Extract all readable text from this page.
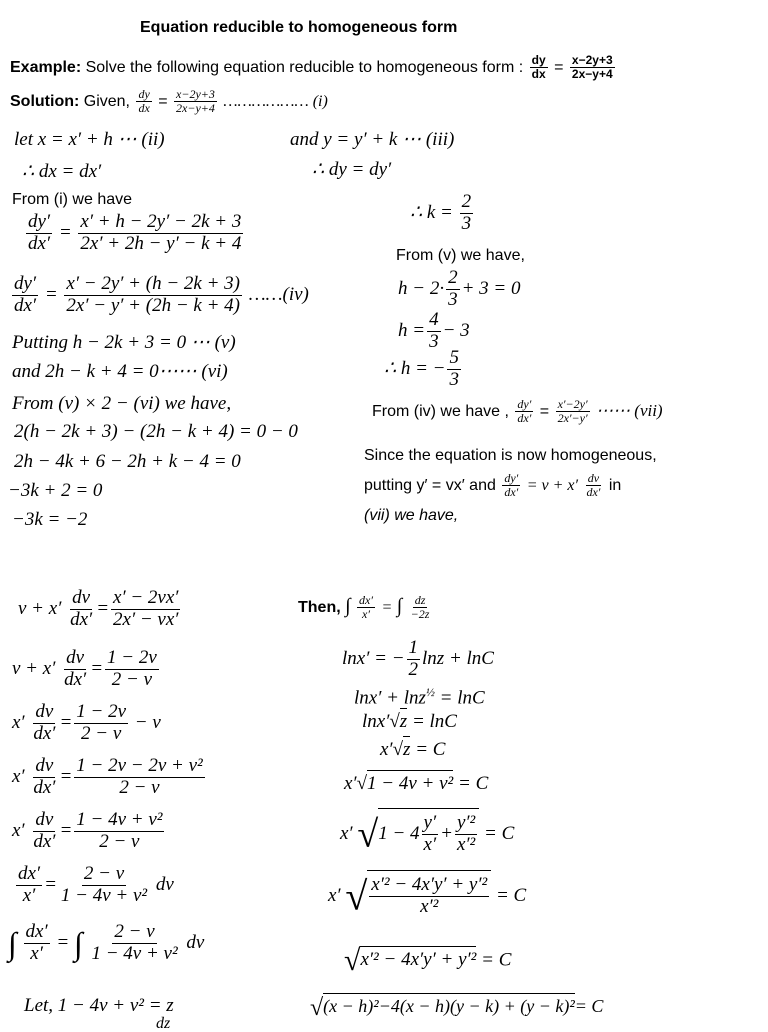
Equation reducible to homogeneous form
Example: Solve the following equation reducible to homogeneous form : $\frac{dy}{dx} = \frac{x-2y+3}{2x-y+4}$
Solution: Given, $\frac{dy}{dx} = \frac{x-2y+3}{2x-y+4}$ ……………… (i)
let x = x′ + h ⋯ (ii)	and y = y′ + k ⋯ (iii)
∴ dx = dx′	∴ dy = dy′
From (i) we have
$\frac{dy'}{dx'} = \frac{x' + h - 2y' - 2k + 3}{2x' + 2h - y' - k + 4}$
$\frac{dy'}{dx'} = \frac{x' - 2y' + (h - 2k + 3)}{2x' - y' + (2h - k + 4)}$ ……(iv)
Putting h − 2k + 3 = 0 ⋯ (v)
and 2h − k + 4 = 0⋯⋯ (vi)
From (v) × 2 − (vi) we have,
2(h − 2k + 3) − (2h − k + 4) = 0 − 0
2h − 4k + 6 − 2h + k − 4 = 0
−3k + 2 = 0
−3k = −2
∴ $k = \frac{2}{3}$
From (v) we have,
$h - 2\cdot \frac{2}{3} + 3 = 0$
$h = \frac{4}{3} - 3$
∴ h = − $\frac{5}{3}$
From (iv) we have , $\frac{dy'}{dx'} = \frac{x'-2y'}{2x'-y'}$ ⋯⋯ (vii)
Since the equation is now homogeneous,
putting y′ = vx′ and $\frac{dy'}{dx'} = v + x' \frac{dv}{dx'}$ in
(vii) we have,
$v + x' \frac{dv}{dx'} = \frac{x' - 2vx'}{2x' - vx'}$
$v + x' \frac{dv}{dx'} = \frac{1 - 2v}{2 - v}$
$x' \frac{dv}{dx'} = \frac{1 - 2v}{2 - v} - v$
$x' \frac{dv}{dx'} = \frac{\text{1 − 2v − 2v + v²}}{2 - v}$
$x' \frac{dv}{dx'} = \frac{\text{1 − 4v + v²}}{2 - v}$
$\frac{dx'}{x'} = \frac{2 - v}{\text{1 − 4v + v²}}$ dv
∫ $\frac{dx'}{x'}$ = ∫ $\frac{2 - v}{\text{1 − 4v + v²}}$ dv
Let, 1 − 4v + v² = z
dz
Then, ∫ $\frac{dx'}{x'}$ = ∫ $\frac{dz}{-2z}$
lnx′ = − $\frac{1}{2}$ lnz + lnC
lnx′ + lnz$^{\frac{1}{2}}$ = lnC
lnx′√z = lnC
x′√z = C
x′√1 − 4v + v² = C
x′ $√1 - 4 \frac{y'}{x'} + \frac{\text{y′²}}{\text{x′²}} = C$
x′ √ $\frac{\text{x′² − 4x′y′ + y′²}}{\text{x′²}} = C$
√x′² − 4x′y′ + y′² = C
√(x − h)²−4(x − h)(y − k) + (y − k)²= C
